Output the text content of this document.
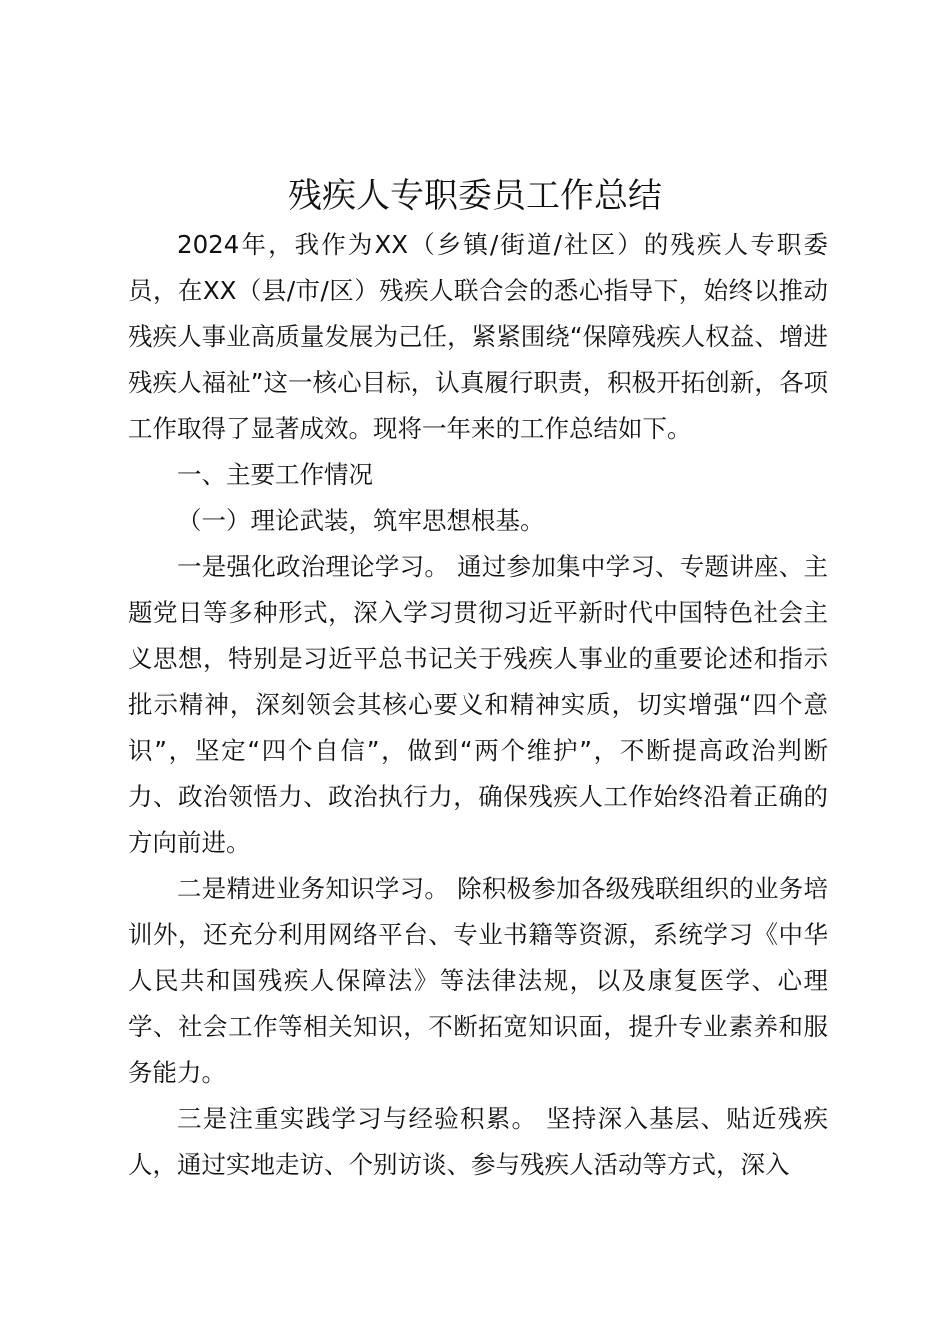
残疾人专职委员工作总结

2024年，我作为XX（乡镇/街道/社区）的残疾人专职委员，在XX（县/市/区）残疾人联合会的悉心指导下，始终以推动残疾人事业高质量发展为己任，紧紧围绕“保障残疾人权益、增进残疾人福祉”这一核心目标，认真履行职责，积极开拓创新，各项工作取得了显著成效。现将一年来的工作总结如下。

一、主要工作情况

（一）理论武装，筑牢思想根基。

一是强化政治理论学习。 通过参加集中学习、专题讲座、主题党日等多种形式，深入学习贯彻习近平新时代中国特色社会主义思想，特别是习近平总书记关于残疾人事业的重要论述和指示批示精神，深刻领会其核心要义和精神实质，切实增强“四个意识”，坚定“四个自信”，做到“两个维护”，不断提高政治判断力、政治领悟力、政治执行力，确保残疾人工作始终沿着正确的方向前进。

二是精进业务知识学习。 除积极参加各级残联组织的业务培训外，还充分利用网络平台、专业书籍等资源，系统学习《中华人民共和国残疾人保障法》等法律法规，以及康复医学、心理学、社会工作等相关知识，不断拓宽知识面，提升专业素养和服务能力。

三是注重实践学习与经验积累。 坚持深入基层、贴近残疾人，通过实地走访、个别访谈、参与残疾人活动等方式，深入
